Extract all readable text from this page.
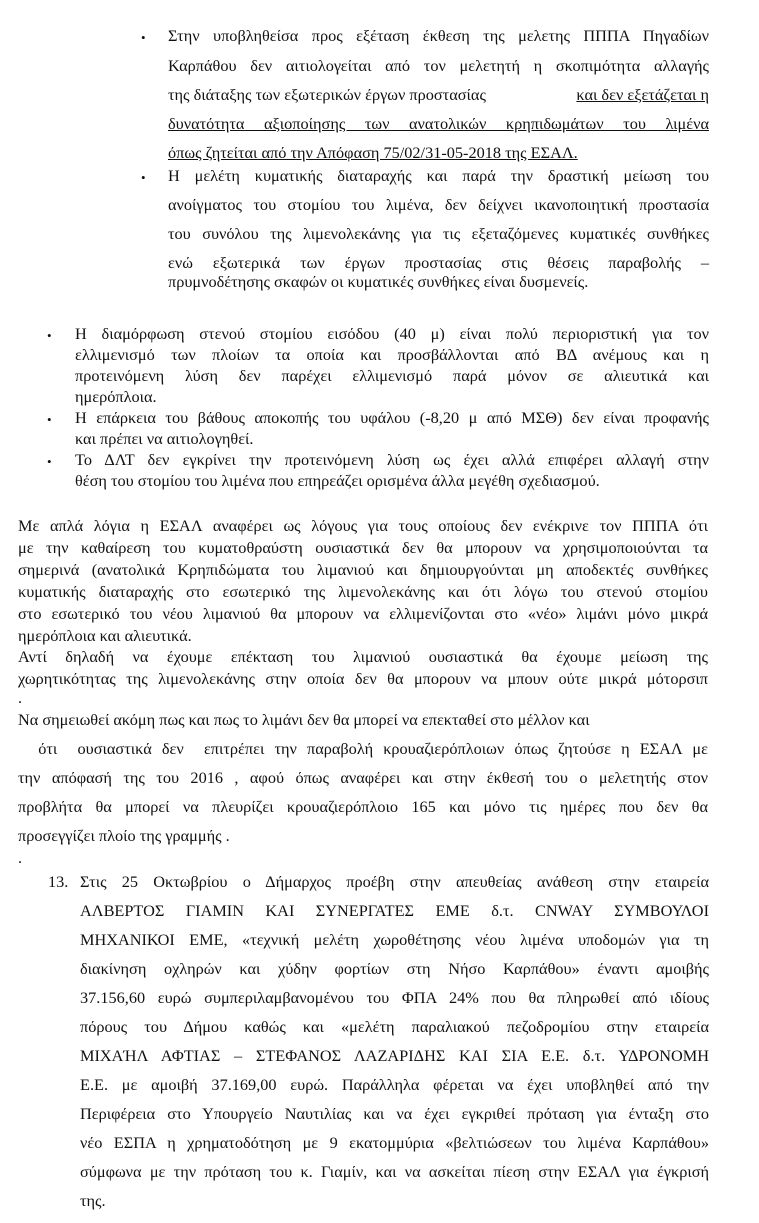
• Στην υποβληθείσα προς εξέταση έκθεση της μελετης ΠΠΠΑ Πηγαδίων
Καρπάθου δεν αιτιολογείται από τον μελετητή η σκοπιμότητα αλλαγής
της διάταξης των εξωτερικών έργων προστασίας	και δεν εξετάζεται η
δυνατότητα αξιοποίησης των ανατολικών κρηπιδωμάτων του λιμένα
όπως ζητείται από την Απόφαση 75/02/31-05-2018 της ΕΣΑΛ.
• Η μελέτη κυματικής διαταραχής και παρά την δραστική μείωση του
ανοίγματος του στομίου του λιμένα, δεν δείχνει ικανοποιητική προστασία
του συνόλου της λιμενολεκάνης για τις εξεταζόμενες κυματικές συνθήκες
ενώ εξωτερικά των έργων προστασίας στις θέσεις παραβολής –
πρυμνοδέτησης σκαφών οι κυματικές συνθήκες είναι δυσμενείς.
• Η διαμόρφωση στενού στομίου εισόδου (40 μ) είναι πολύ περιοριστική για τον
ελλιμενισμό των πλοίων τα οποία και προσβάλλονται από ΒΔ ανέμους και η
προτεινόμενη λύση δεν παρέχει ελλιμενισμό παρά μόνον σε αλιευτικά και
ημερόπλοια.
• Η επάρκεια του βάθους αποκοπής του υφάλου (-8,20 μ από ΜΣΘ) δεν είναι προφανής
και πρέπει να αιτιολογηθεί.
• Το ΔΛΤ δεν εγκρίνει την προτεινόμενη λύση ως έχει αλλά επιφέρει αλλαγή στην
θέση του στομίου του λιμένα που επηρεάζει ορισμένα άλλα μεγέθη σχεδιασμού.
Με απλά λόγια η ΕΣΑΛ αναφέρει ως λόγους για τους οποίους δεν ενέκρινε τον ΠΠΠΑ ότι
με την καθαίρεση του κυματοθραύστη ουσιαστικά δεν θα μπορουν να χρησιμοποιούνται τα
σημερινά (ανατολικά Κρηπιδώματα του λιμανιού και δημιουργούνται μη αποδεκτές συνθήκες
κυματικής διαταραχής στο εσωτερικό της λιμενολεκάνης και ότι λόγω του στενού στομίου
στο εσωτερικό του νέου λιμανιού θα μπορουν να ελλιμενίζονται στο «νέο» λιμάνι μόνο μικρά
ημερόπλοια και αλιευτικά.
Αντί δηλαδή να έχουμε επέκταση του λιμανιού ουσιαστικά θα έχουμε μείωση της
χωρητικότητας της λιμενολεκάνης στην οποία δεν θα μπορουν να μπουν ούτε μικρά μότορσιπ
.
Να σημειωθεί ακόμη πως και πως το λιμάνι δεν θα μπορεί να επεκταθεί στο μέλλον και
ότι  ουσιαστικά δεν  επιτρέπει την παραβολή κρουαζιερόπλοιων όπως ζητούσε η ΕΣΑΛ με
την απόφασή της του 2016 , αφού όπως αναφέρει και στην έκθεσή του ο μελετητής στον
προβλήτα θα μπορεί να πλευρίζει κρουαζιερόπλοιο 165 και μόνο τις ημέρες που δεν θα
προσεγγίζει πλοίο της γραμμής .
.
13. Στις 25 Οκτωβρίου ο Δήμαρχος προέβη στην απευθείας ανάθεση στην εταιρεία
ΑΛΒΕΡΤΟΣ ΓΙΑΜΙΝ ΚΑΙ ΣΥΝΕΡΓΑΤΕΣ ΕΜΕ δ.τ. CNWAY ΣΥΜΒΟΥΛΟΙ
ΜΗΧΑΝΙΚΟΙ ΕΜΕ, «τεχνική μελέτη χωροθέτησης νέου λιμένα υποδομών για τη
διακίνηση οχληρών και χύδην φορτίων στη Νήσο Καρπάθου» έναντι αμοιβής
37.156,60 ευρώ συμπεριλαμβανομένου του ΦΠΑ 24% που θα πληρωθεί από ιδίους
πόρους του Δήμου καθώς και «μελέτη παραλιακού πεζοδρομίου στην εταιρεία
ΜΙΧΑΉΛ ΑΦΤΙΑΣ – ΣΤΕΦΑΝΟΣ ΛΑΖΑΡΙΔΗΣ ΚΑΙ ΣΙΑ Ε.Ε. δ.τ. ΥΔΡΟΝΟΜΗ
Ε.Ε. με αμοιβή 37.169,00 ευρώ. Παράλληλα φέρεται να έχει υποβληθεί από την
Περιφέρεια στο Υπουργείο Ναυτιλίας και να έχει εγκριθεί πρόταση για ένταξη στο
νέο ΕΣΠΑ η χρηματοδότηση με 9 εκατομμύρια «βελτιώσεων του λιμένα Καρπάθου»
σύμφωνα με την πρόταση του κ. Γιαμίν, και να ασκείται πίεση στην ΕΣΑΛ για έγκρισή
της.
